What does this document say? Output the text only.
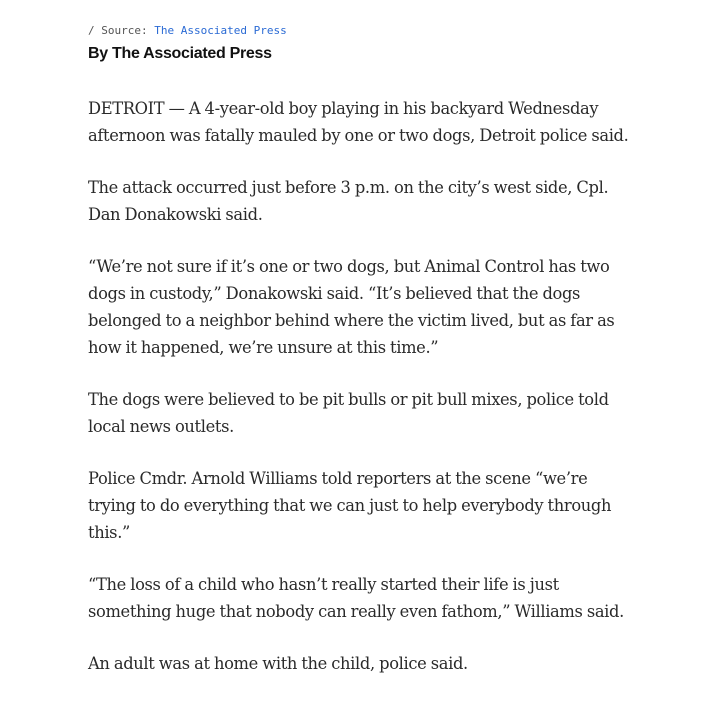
/ Source: The Associated Press
By The Associated Press

DETROIT — A 4-year-old boy playing in his backyard Wednesday
afternoon was fatally mauled by one or two dogs, Detroit police said.

The attack occurred just before 3 p.m. on the city’s west side, Cpl.
Dan Donakowski said.

“We’re not sure if it’s one or two dogs, but Animal Control has two
dogs in custody,” Donakowski said. “It’s believed that the dogs
belonged to a neighbor behind where the victim lived, but as far as
how it happened, we’re unsure at this time.”

The dogs were believed to be pit bulls or pit bull mixes, police told
local news outlets.

Police Cmdr. Arnold Williams told reporters at the scene “we’re
trying to do everything that we can just to help everybody through
this.”

“The loss of a child who hasn’t really started their life is just
something huge that nobody can really even fathom,” Williams said.

An adult was at home with the child, police said.
